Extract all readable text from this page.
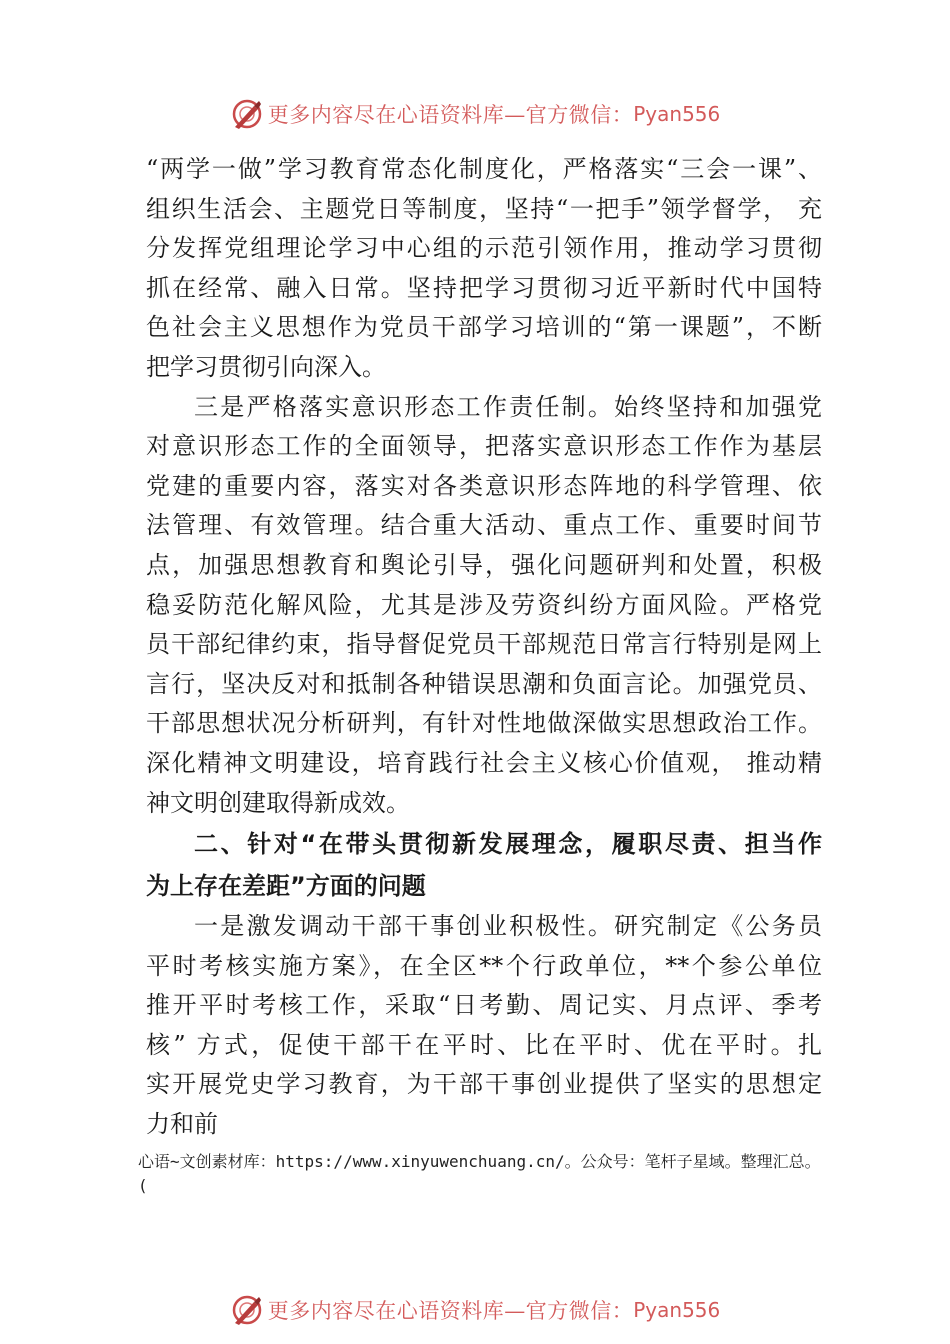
更多内容尽在心语资料库—官方微信： Pyan556
“两学一做”学习教育常态化制度化，严格落实“三会一课”、
组织生活会、主题党日等制度，坚持“一把手”领学督学， 充
分发挥党组理论学习中心组的示范引领作用，推动学习贯彻
抓在经常、融入日常。坚持把学习贯彻习近平新时代中国特
色社会主义思想作为党员干部学习培训的“第一课题”，不断
把学习贯彻引向深入。
三是严格落实意识形态工作责任制。始终坚持和加强党
对意识形态工作的全面领导，把落实意识形态工作作为基层
党建的重要内容，落实对各类意识形态阵地的科学管理、依
法管理、有效管理。结合重大活动、重点工作、重要时间节
点，加强思想教育和舆论引导，强化问题研判和处置，积极
稳妥防范化解风险，尤其是涉及劳资纠纷方面风险。严格党
员干部纪律约束，指导督促党员干部规范日常言行特别是网上
言行，坚决反对和抵制各种错误思潮和负面言论。加强党员、
干部思想状况分析研判，有针对性地做深做实思想政治工作。
深化精神文明建设，培育践行社会主义核心价值观， 推动精
神文明创建取得新成效。
二、针对“在带头贯彻新发展理念，履职尽责、担当作
为上存在差距”方面的问题
一是激发调动干部干事创业积极性。研究制定《公务员
平时考核实施方案》，在全区**个行政单位，**个参公单位
推开平时考核工作，采取“日考勤、周记实、月点评、季考
核” 方式，促使干部干在平时、比在平时、优在平时。扎
实开展党史学习教育，为干部干事创业提供了坚实的思想定
力和前
心语~文创素材库：https://www.xinyuwenchuang.cn/。公众号：笔杆子星域。整理汇总。
(
更多内容尽在心语资料库—官方微信： Pyan556
